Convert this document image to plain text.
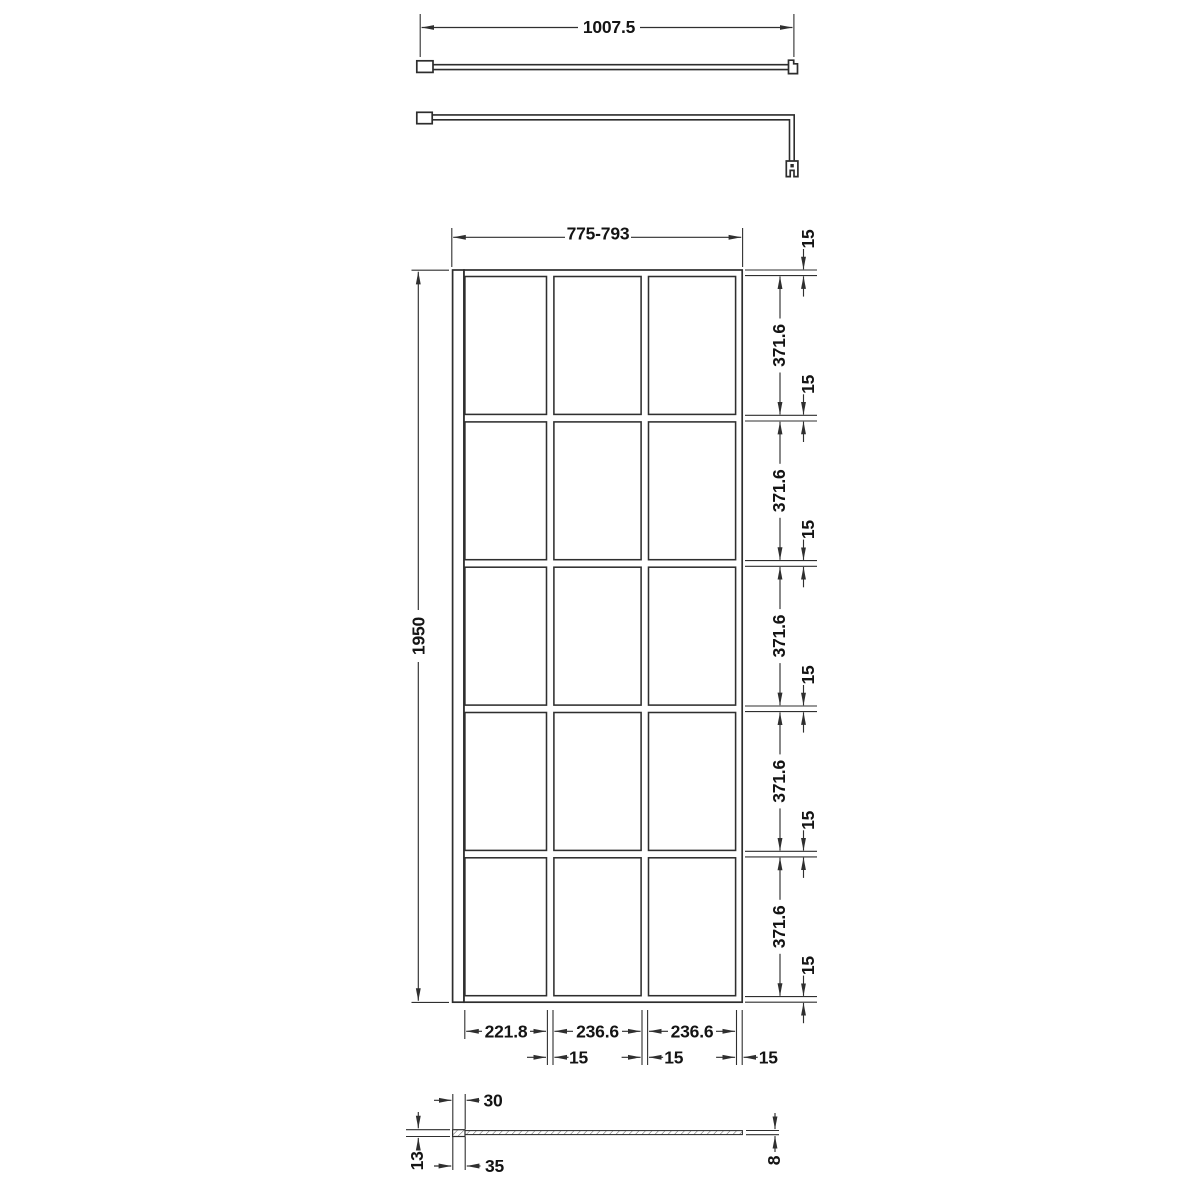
1007.5
775-793
1950
15
15
15
15
15
15
371.6
371.6
371.6
371.6
371.6
221.8	236.6	236.6
15	15	15
30
13	35	8
